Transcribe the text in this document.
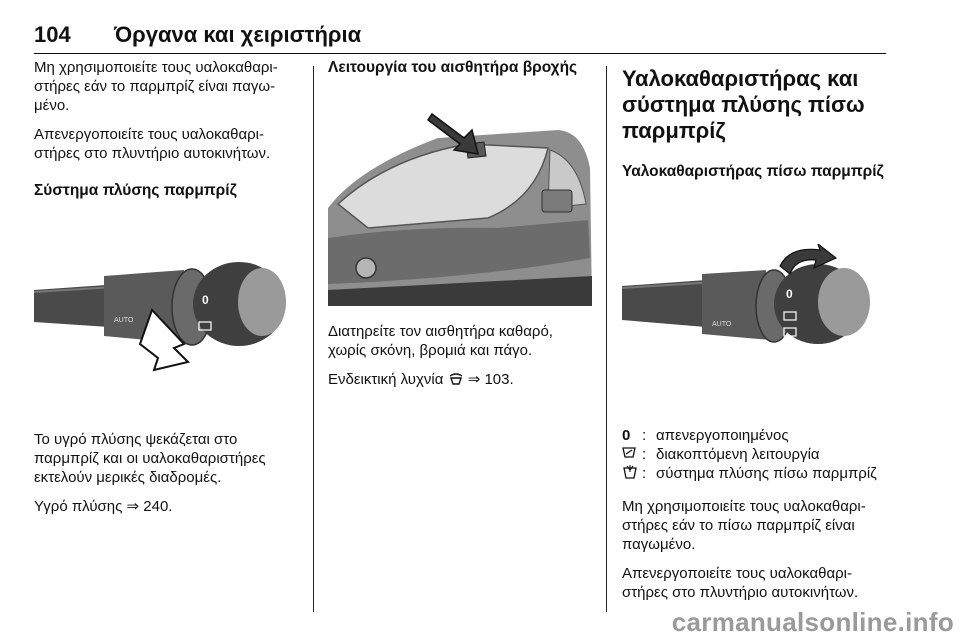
104 Όργανα και χειριστήρια

Μη χρησιμοποιείτε τους υαλοκαθαρι-στήρες εάν το παρμπρίζ είναι παγω-μένο.

Απενεργοποιείτε τους υαλοκαθαρι-στήρες στο πλυντήριο αυτοκινήτων.

Σύστημα πλύσης παρμπρίζ
0
AUTO

Το υγρό πλύσης ψεκάζεται στο παρμπρίζ και οι υαλοκαθαριστήρες εκτελούν μερικές διαδρομές.

Υγρό πλύσης ⇒ 240.

Λειτουργία του αισθητήρα βροχής

Διατηρείτε τον αισθητήρα καθαρό, χωρίς σκόνη, βρομιά και πάγο.

Ενδεικτική λυχνία ⇒ 103.

Υαλοκαθαριστήρας και σύστημα πλύσης πίσω παρμπρίζ
Υαλοκαθαριστήρας πίσω παρμπρίζ
0
AUTO
0 : απενεργοποιημένος
: διακοπτόμενη λειτουργία
: σύστημα πλύσης πίσω παρμπρίζ

Μη χρησιμοποιείτε τους υαλοκαθαρι-στήρες εάν το πίσω παρμπρίζ είναι παγωμένο.

Απενεργοποιείτε τους υαλοκαθαρι-στήρες στο πλυντήριο αυτοκινήτων.

carmanualsonline.info
